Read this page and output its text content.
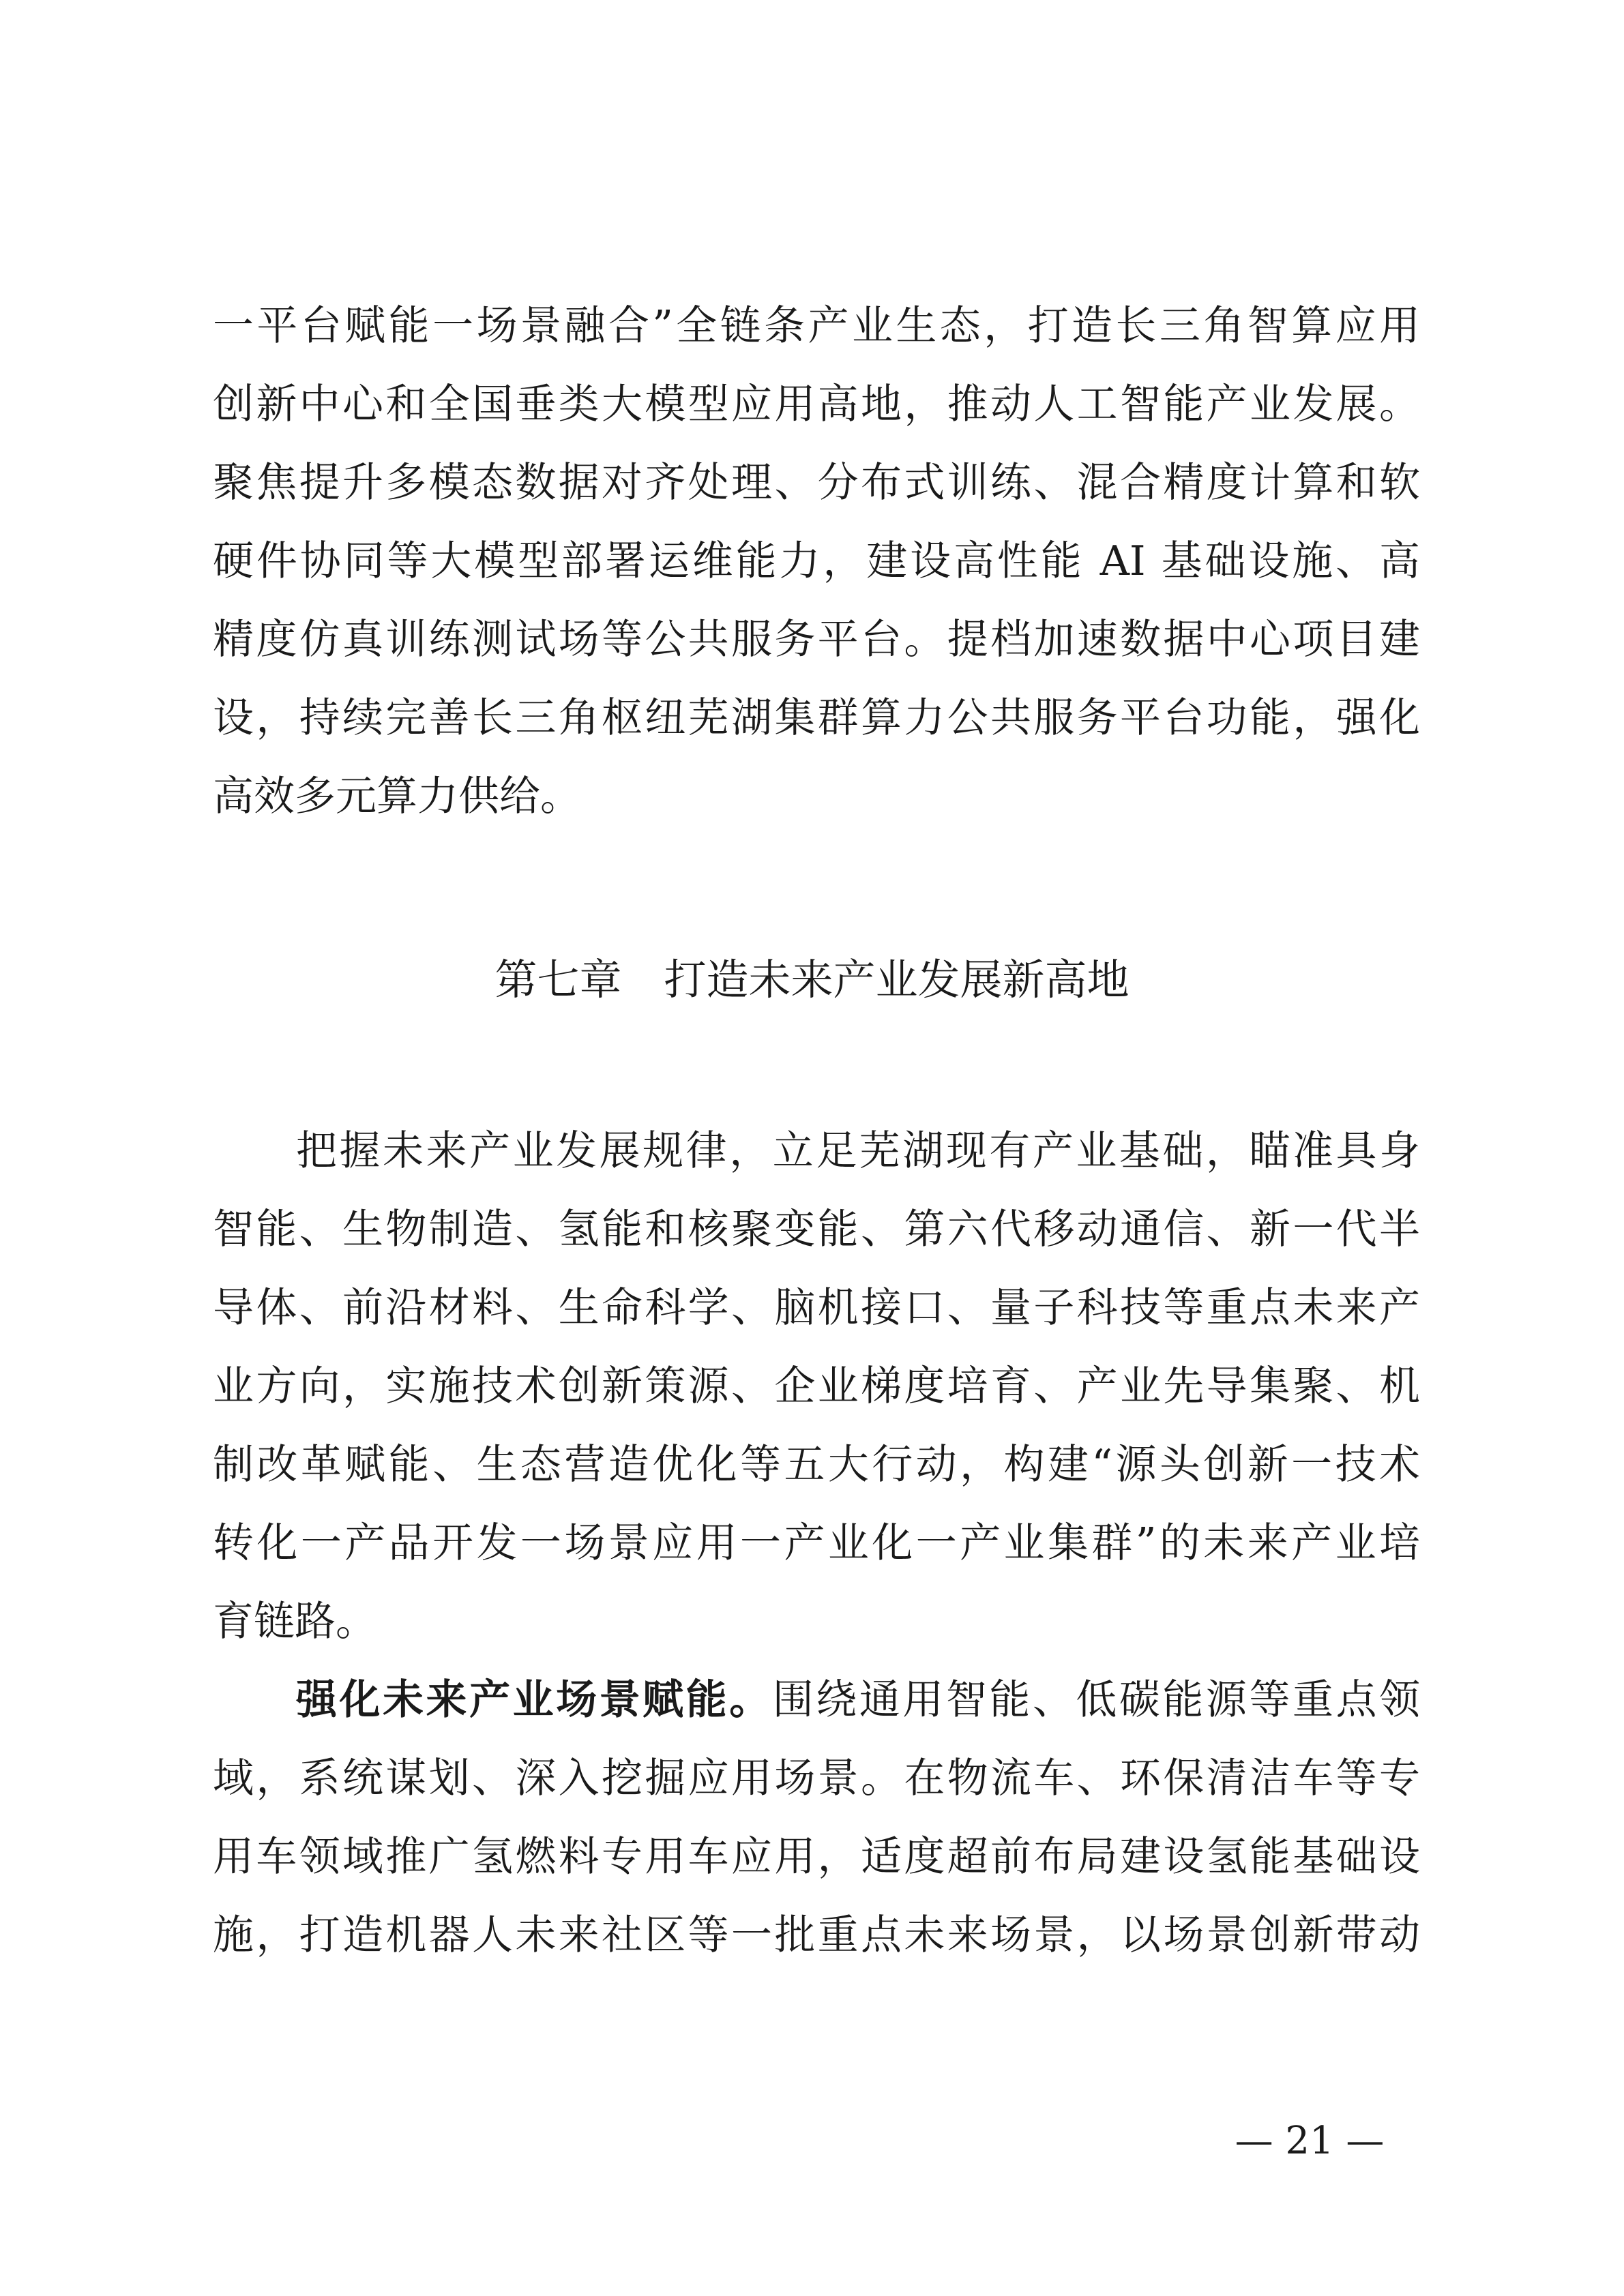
一平台赋能一场景融合”全链条产业生态，打造长三角智算应用
创新中心和全国垂类大模型应用高地，推动人工智能产业发展。
聚焦提升多模态数据对齐处理、分布式训练、混合精度计算和软
硬件协同等大模型部署运维能力，建设高性能 AI 基础设施、高
精度仿真训练测试场等公共服务平台。提档加速数据中心项目建
设，持续完善长三角枢纽芜湖集群算力公共服务平台功能，强化
高效多元算力供给。
第七章　打造未来产业发展新高地
把握未来产业发展规律，立足芜湖现有产业基础，瞄准具身
智能、生物制造、氢能和核聚变能、第六代移动通信、新一代半
导体、前沿材料、生命科学、脑机接口、量子科技等重点未来产
业方向，实施技术创新策源、企业梯度培育、产业先导集聚、机
制改革赋能、生态营造优化等五大行动，构建“源头创新一技术
转化一产品开发一场景应用一产业化一产业集群”的未来产业培
育链路。
强化未来产业场景赋能。围绕通用智能、低碳能源等重点领
域，系统谋划、深入挖掘应用场景。在物流车、环保清洁车等专
用车领域推广氢燃料专用车应用，适度超前布局建设氢能基础设
施，打造机器人未来社区等一批重点未来场景，以场景创新带动
— 21 —
